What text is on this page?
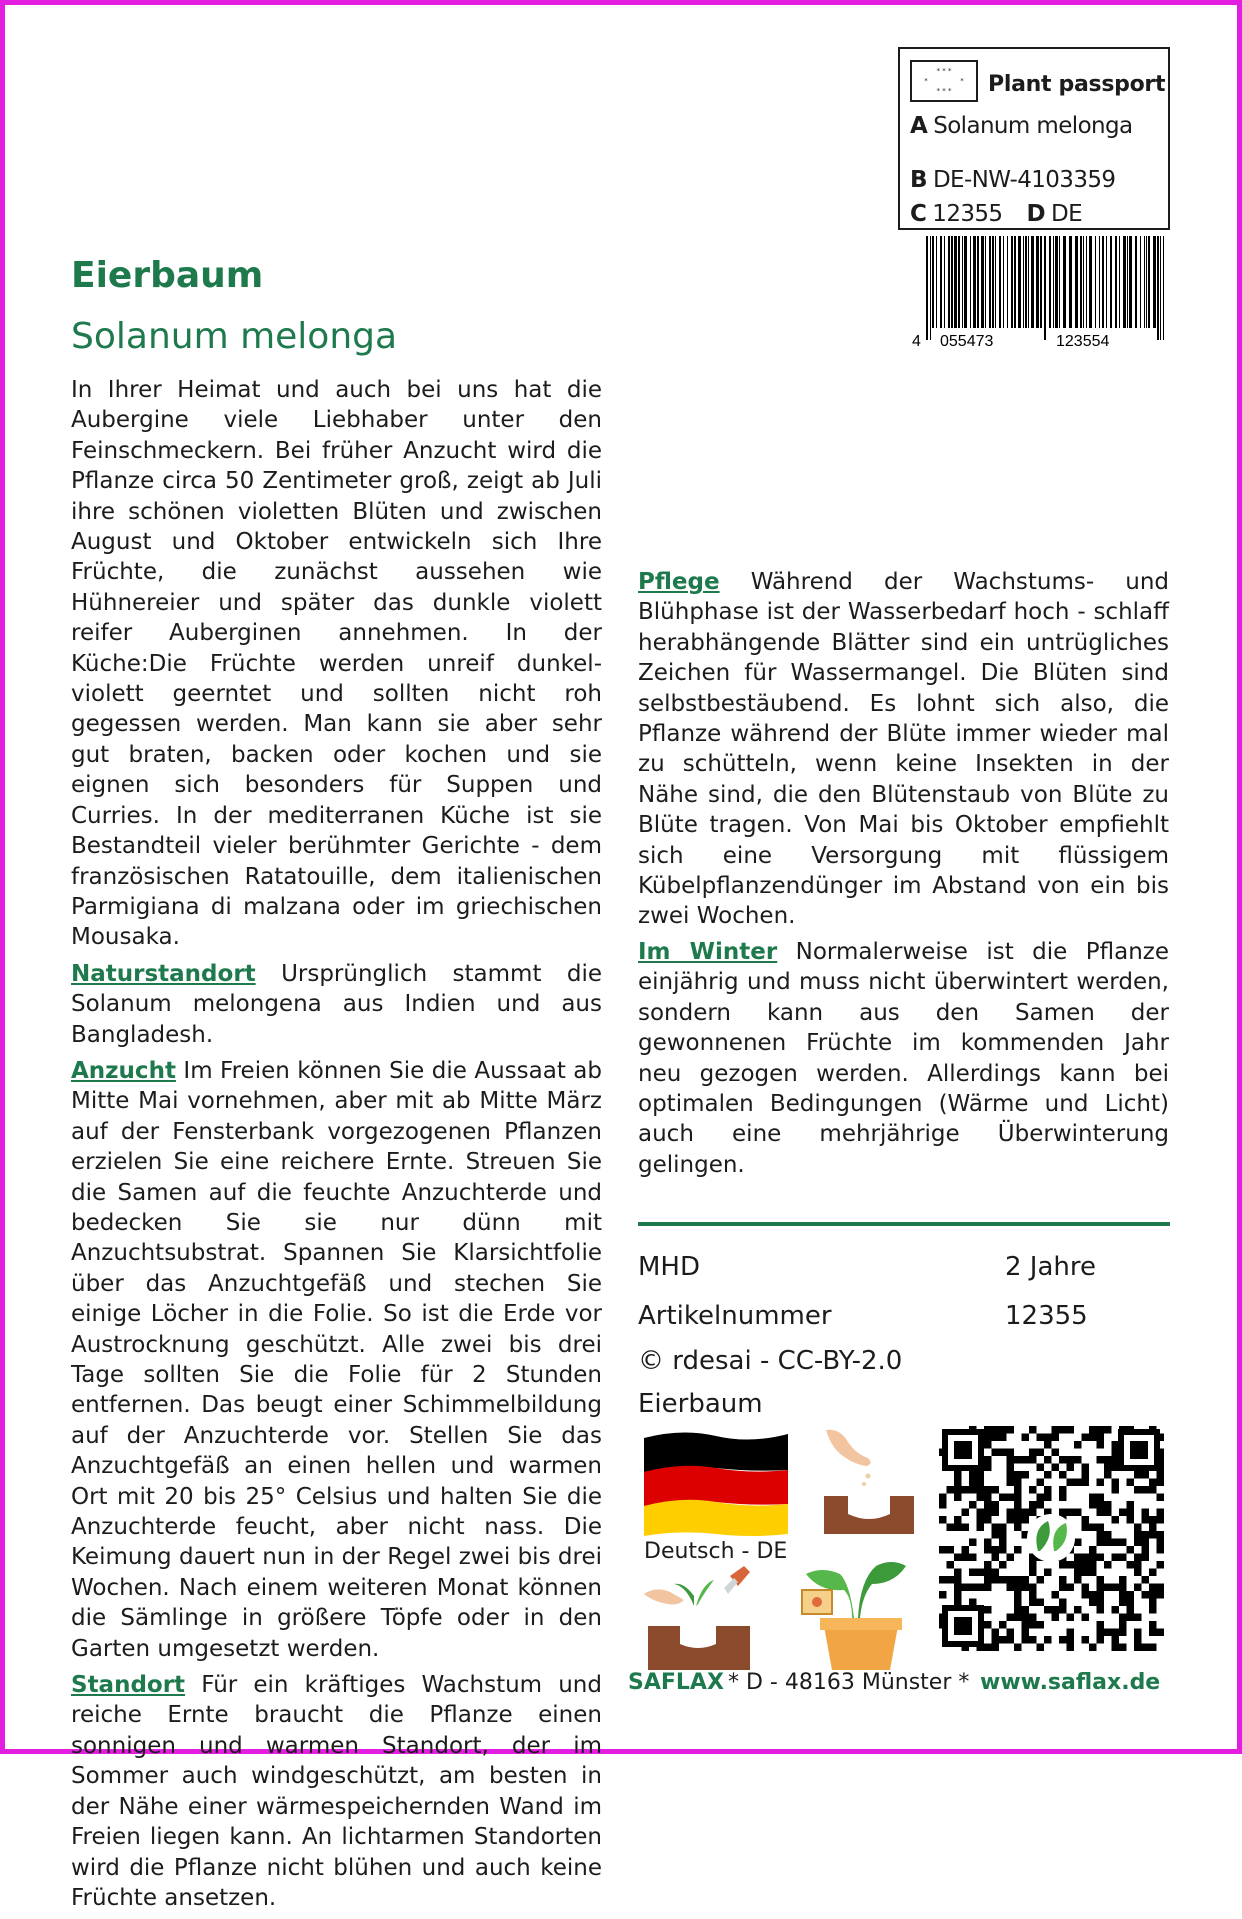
* * *
*	*
* * * Plant passport
A Solanum melonga
B DE-NW-4103359
C 12355 D DE
4 055473	123554
Eierbaum
Solanum melonga

In Ihrer Heimat und auch bei uns hat die Aubergine viele Liebhaber unter den Feinschmeckern. Bei früher Anzucht wird die Pflanze circa 50 Zentimeter groß, zeigt ab Juli ihre schönen violetten Blüten und zwischen August und Oktober entwickeln sich Ihre Früchte, die zunächst aussehen wie Hühnereier und später das dunkle violett reifer Auberginen annehmen. In der Küche:Die Früchte werden unreif dunkel-violett geerntet und sollten nicht roh gegessen werden. Man kann sie aber sehr gut braten, backen oder kochen und sie eignen sich besonders für Suppen und Curries. In der mediterranen Küche ist sie Bestandteil vieler berühmter Gerichte - dem französischen Ratatouille, dem italienischen Parmigiana di malzana oder im griechischen Mousaka.

Naturstandort Ursprünglich stammt die Solanum melongena aus Indien und aus Bangladesh.

Anzucht Im Freien können Sie die Aussaat ab Mitte Mai vornehmen, aber mit ab Mitte März auf der Fensterbank vorgezogenen Pflanzen erzielen Sie eine reichere Ernte. Streuen Sie die Samen auf die feuchte Anzuchterde und bedecken Sie sie nur dünn mit Anzuchtsubstrat. Spannen Sie Klarsichtfolie über das Anzuchtgefäß und stechen Sie einige Löcher in die Folie. So ist die Erde vor Austrocknung geschützt. Alle zwei bis drei Tage sollten Sie die Folie für 2 Stunden entfernen. Das beugt einer Schimmelbildung auf der Anzuchterde vor. Stellen Sie das Anzuchtgefäß an einen hellen und warmen Ort mit 20 bis 25° Celsius und halten Sie die Anzuchterde feucht, aber nicht nass. Die Keimung dauert nun in der Regel zwei bis drei Wochen. Nach einem weiteren Monat können die Sämlinge in größere Töpfe oder in den Garten umgesetzt werden.

Standort Für ein kräftiges Wachstum und reiche Ernte braucht die Pflanze einen sonnigen und warmen Standort, der im Sommer auch windgeschützt, am besten in der Nähe einer wärmespeichernden Wand im Freien liegen kann. An lichtarmen Standorten wird die Pflanze nicht blühen und auch keine Früchte ansetzen.

Pflege Während der Wachstums- und Blühphase ist der Wasserbedarf hoch - schlaff herabhängende Blätter sind ein untrügliches Zeichen für Wassermangel. Die Blüten sind selbstbestäubend. Es lohnt sich also, die Pflanze während der Blüte immer wieder mal zu schütteln, wenn keine Insekten in der Nähe sind, die den Blütenstaub von Blüte zu Blüte tragen. Von Mai bis Oktober empfiehlt sich eine Versorgung mit flüssigem Kübelpflanzendünger im Abstand von ein bis zwei Wochen.

Im Winter Normalerweise ist die Pflanze einjährig und muss nicht überwintert werden, sondern kann aus den Samen der gewonnenen Früchte im kommenden Jahr neu gezogen werden. Allerdings kann bei optimalen Bedingungen (Wärme und Licht) auch eine mehrjährige Überwinterung gelingen.

MHD	2 Jahre
Artikelnummer	12355
© rdesai - CC-BY-2.0
Eierbaum
Deutsch - DE
SAFLAX * D - 48163 Münster * www.saflax.de
